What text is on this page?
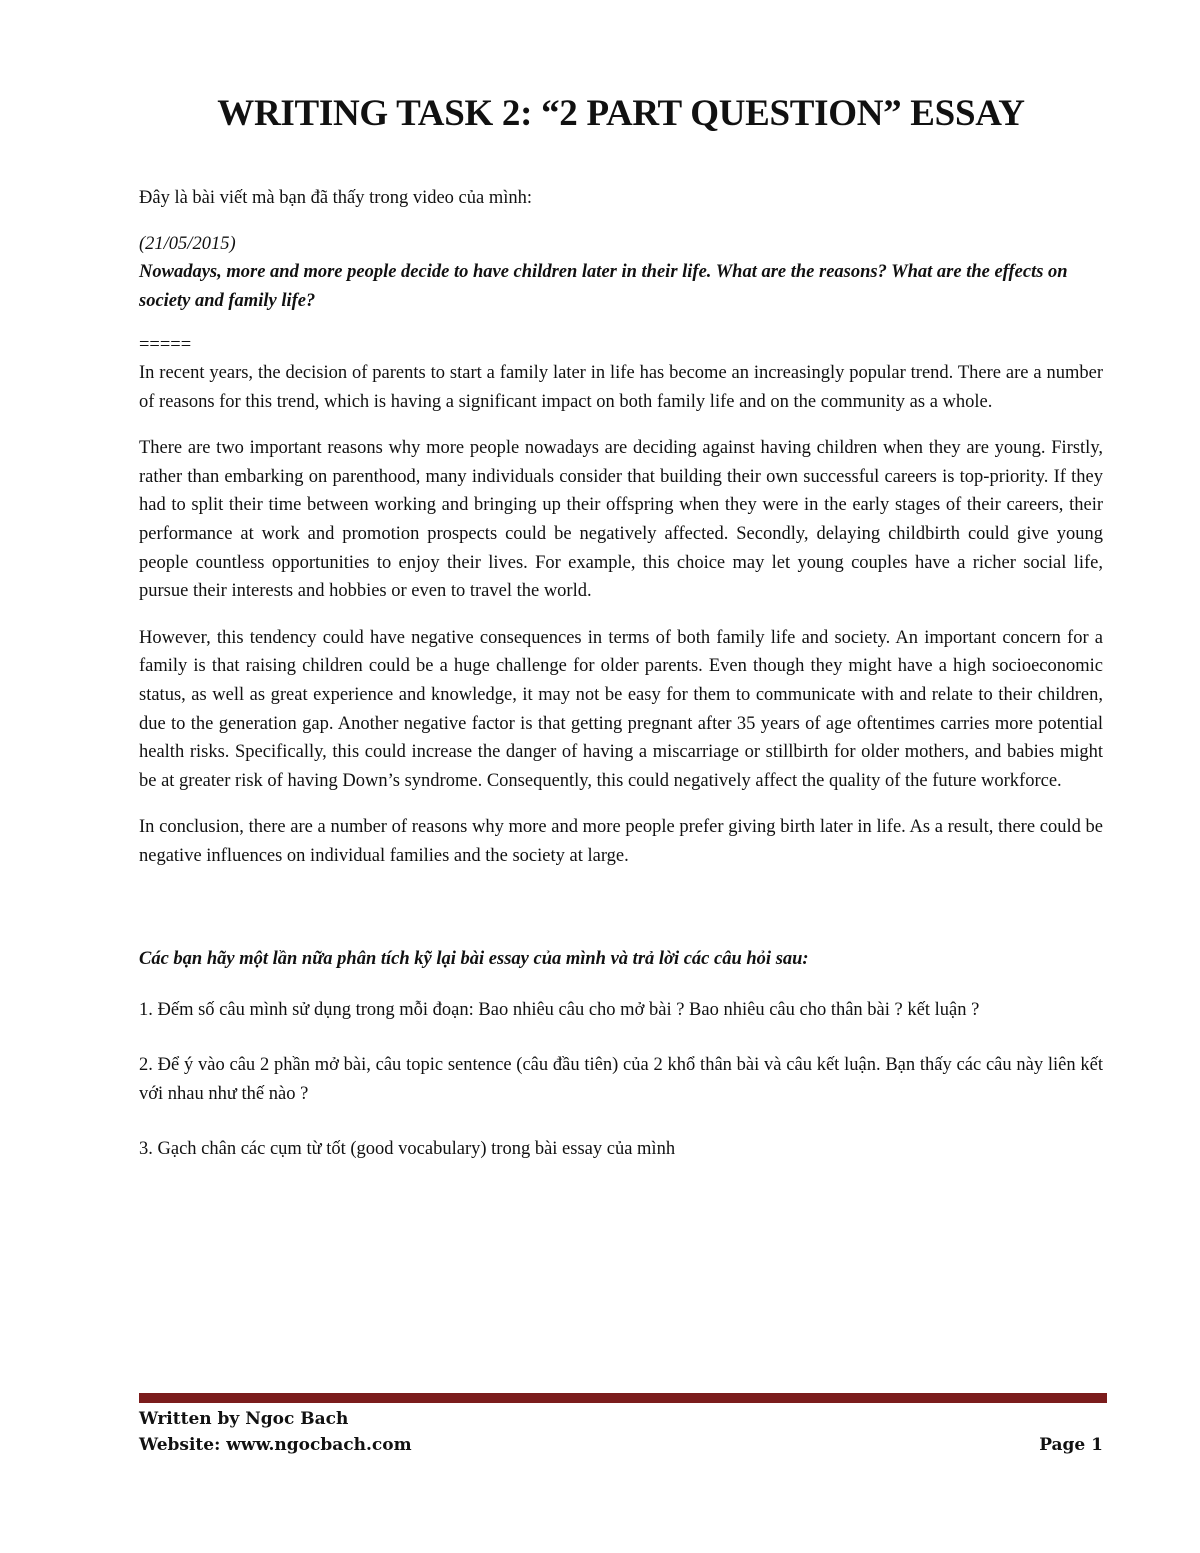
WRITING TASK 2: “2 PART QUESTION” ESSAY

Đây là bài viết mà bạn đã thấy trong video của mình:

(21/05/2015)

Nowadays, more and more people decide to have children later in their life. What are the reasons? What are the effects on society and family life?

=====

In recent years, the decision of parents to start a family later in life has become an increasingly popular trend. There are a number of reasons for this trend, which is having a significant impact on both family life and on the community as a whole.

There are two important reasons why more people nowadays are deciding against having children when they are young. Firstly, rather than embarking on parenthood, many individuals consider that building their own successful careers is top-priority. If they had to split their time between working and bringing up their offspring when they were in the early stages of their careers, their performance at work and promotion prospects could be negatively affected. Secondly, delaying childbirth could give young people countless opportunities to enjoy their lives. For example, this choice may let young couples have a richer social life, pursue their interests and hobbies or even to travel the world.

However, this tendency could have negative consequences in terms of both family life and society. An important concern for a family is that raising children could be a huge challenge for older parents. Even though they might have a high socioeconomic status, as well as great experience and knowledge, it may not be easy for them to communicate with and relate to their children, due to the generation gap. Another negative factor is that getting pregnant after 35 years of age oftentimes carries more potential health risks. Specifically, this could increase the danger of having a miscarriage or stillbirth for older mothers, and babies might be at greater risk of having Down’s syndrome. Consequently, this could negatively affect the quality of the future workforce.

In conclusion, there are a number of reasons why more and more people prefer giving birth later in life. As a result, there could be negative influences on individual families and the society at large.

Các bạn hãy một lần nữa phân tích kỹ lại bài essay của mình và trả lời các câu hỏi sau:

1. Đếm số câu mình sử dụng trong mỗi đoạn: Bao nhiêu câu cho mở bài ? Bao nhiêu câu cho thân bài ? kết luận ?

2. Để ý vào câu 2 phần mở bài, câu topic sentence (câu đầu tiên) của 2 khổ thân bài và câu kết luận. Bạn thấy các câu này liên kết với nhau như thế nào ?

3. Gạch chân các cụm từ tốt (good vocabulary) trong bài essay của mình

Written by Ngoc Bach
Website: www.ngocbach.com	Page 1
